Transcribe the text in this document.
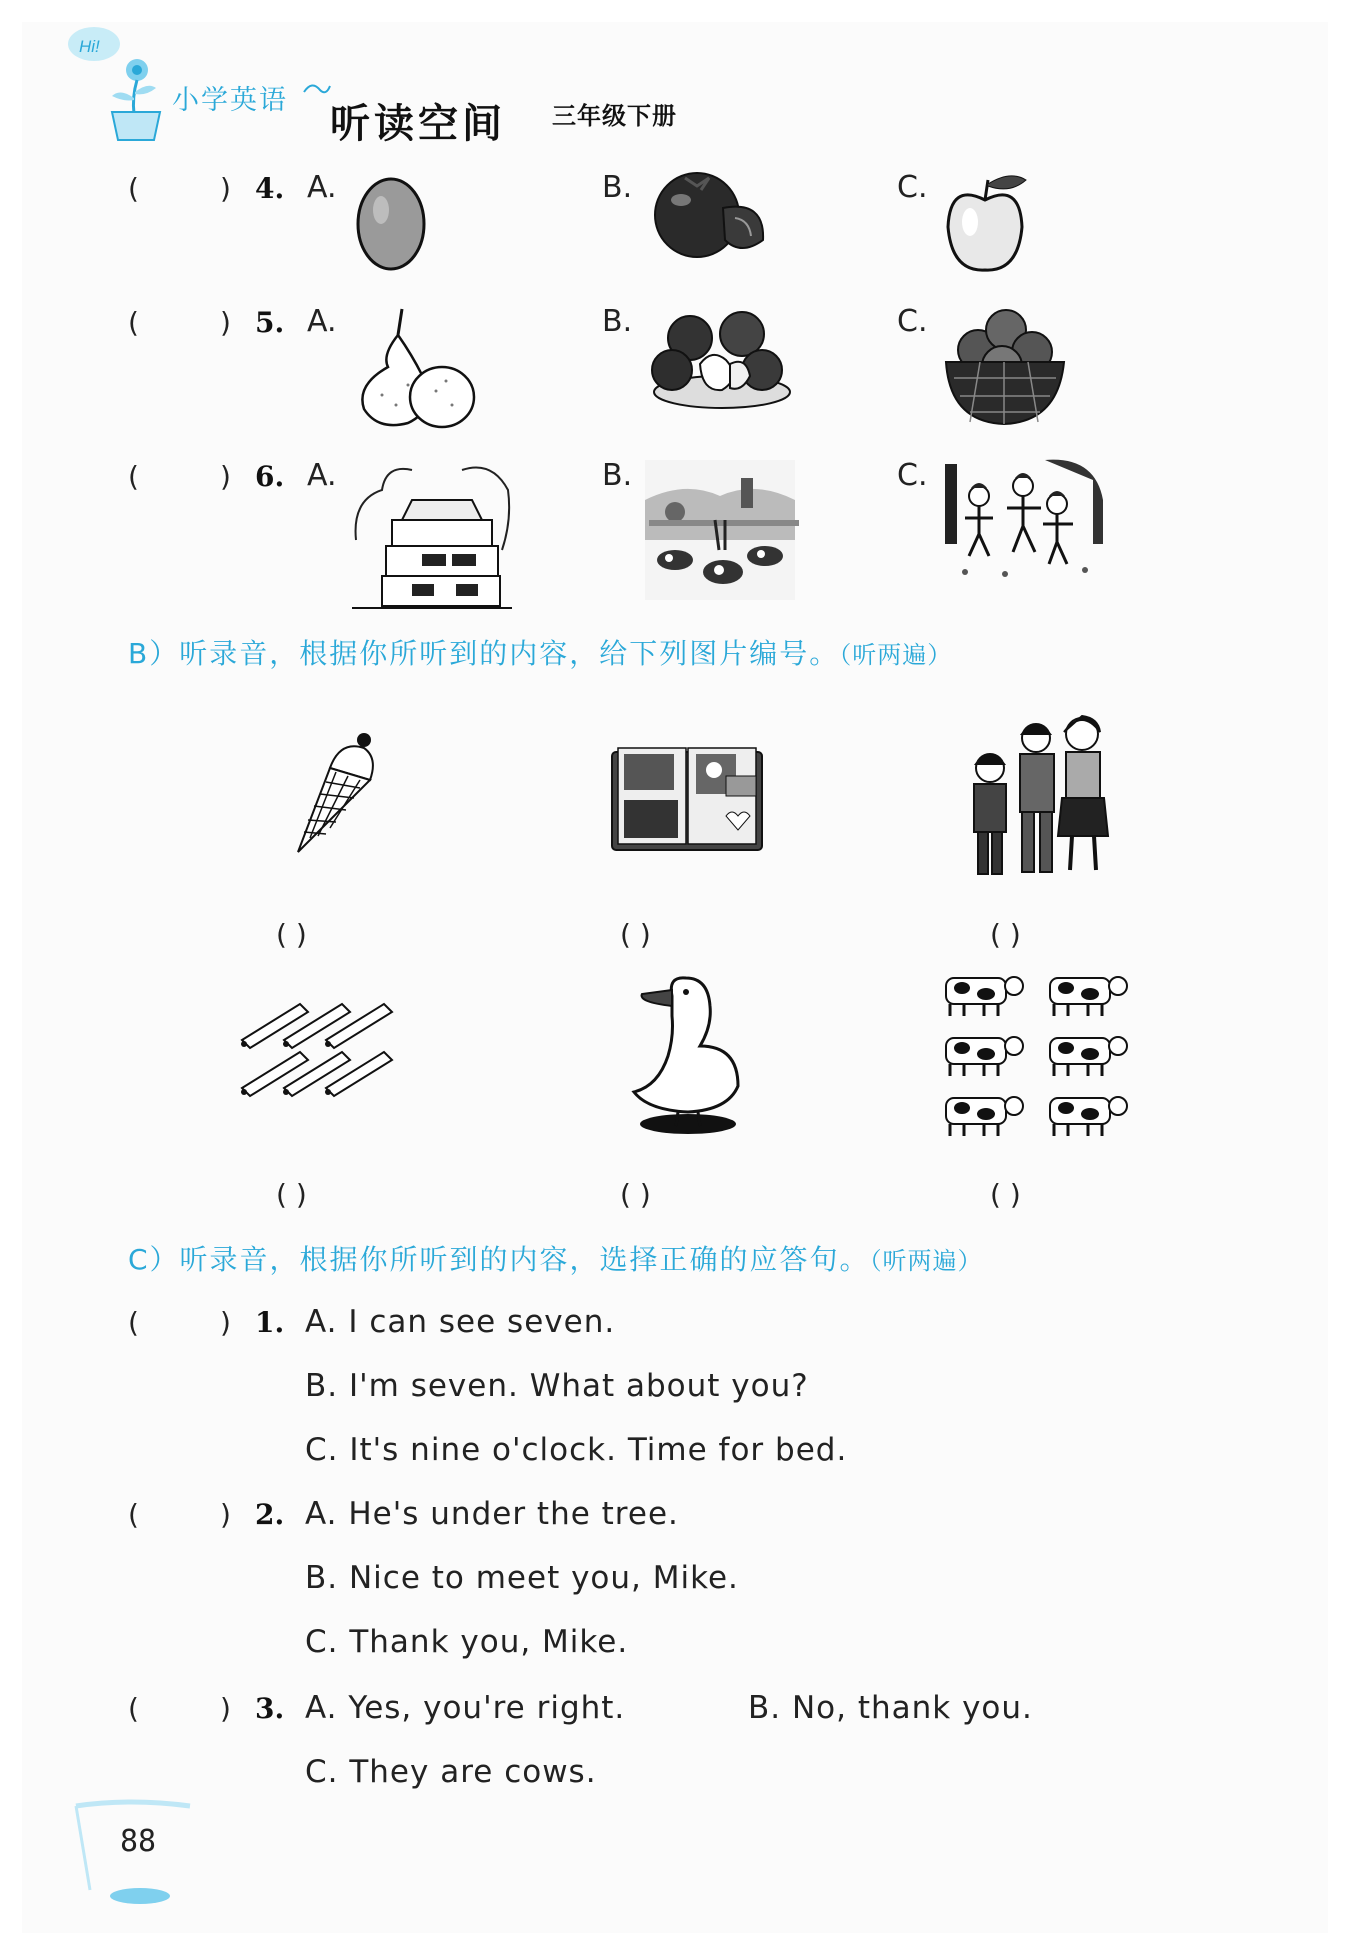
Hi!
小学英语
听读空间 三年级下册
(	) 4. A.	B.	C.
(	) 5. A.	B.	C.
(	) 6. A.	B.	C.
B）听录音，根据你所听到的内容，给下列图片编号。（听两遍）
( )	( )	( )
( )	( )	( )
C）听录音，根据你所听到的内容，选择正确的应答句。（听两遍）
(	) 1. A. I can see seven.
B. I'm seven. What about you?
C. It's nine o'clock. Time for bed.
(	) 2. A. He's under the tree.
B. Nice to meet you, Mike.
C. Thank you, Mike.
(	) 3. A. Yes, you're right.	B. No, thank you.
C. They are cows.
88
